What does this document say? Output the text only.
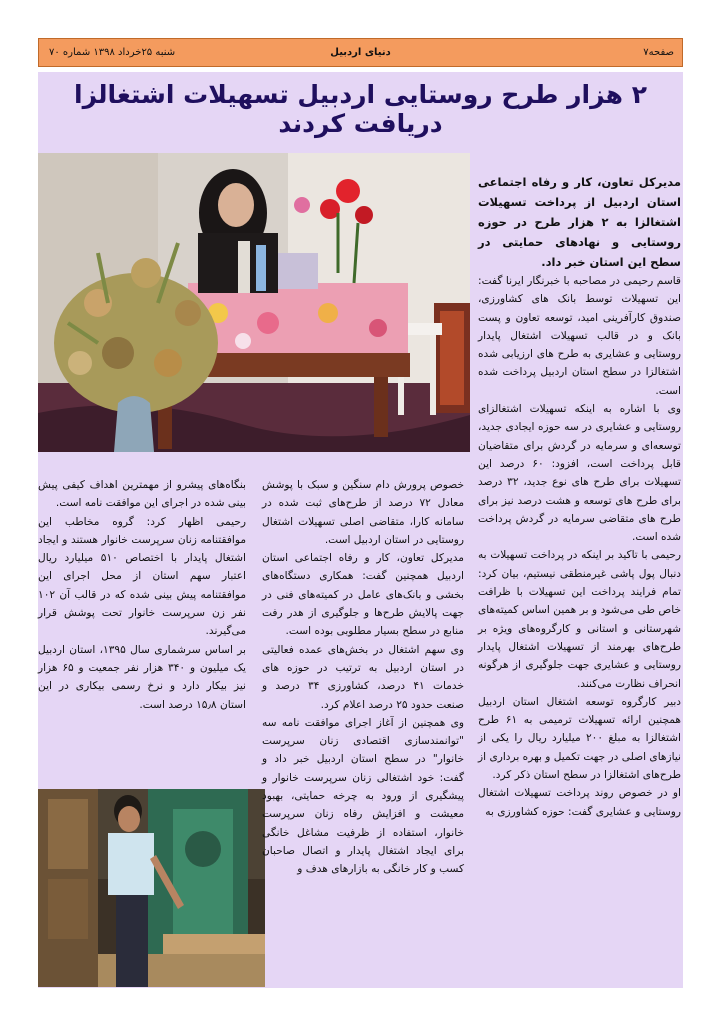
صفحه۷
دنیای اردبیل
شنبه ۲۵خرداد ۱۳۹۸ شماره ۷۰
۲ هزار طرح روستایی اردبیل تسهیلات اشتغالزا دریافت کردند

مدیرکل تعاون، کار و رفاه اجتماعی استان اردبیل از پرداخت تسهیلات اشتغالزا به ۲ هزار طرح در حوزه روستایی و نهادهای حمایتی در سطح این استان خبر داد.

قاسم رحیمی در مصاحبه با خبرنگار ایرنا گفت: این تسهیلات توسط بانک های کشاورزی، صندوق کارآفرینی امید، توسعه تعاون و پست بانک و در قالب تسهیلات اشتغال پایدار روستایی و عشایری به طرح های ارزیابی شده اشتغالزا در سطح استان اردبیل پرداخت شده است.

وی با اشاره به اینکه تسهیلات اشتغالزای روستایی و عشایری در سه حوزه ایجادی جدید، توسعه‌ای و سرمایه در گردش برای متقاضیان قابل پرداخت است، افزود: ۶۰ درصد این تسهیلات برای طرح های نوع جدید، ۳۲ درصد برای طرح های توسعه و هشت درصد نیز برای طرح های متقاضی سرمایه در گردش پرداخت شده است.

رحیمی با تاکید بر اینکه در پرداخت تسهیلات به دنبال پول پاشی غیرمنطقی نیستیم، بیان کرد: تمام فرایند پرداخت این تسهیلات با ظرافت خاص طی می‌شود و بر همین اساس کمیته‌های شهرستانی و استانی و کارگروه‌های ویژه بر طرح‌های بهرمند از تسهیلات اشتغال پایدار روستایی و عشایری جهت جلوگیری از هرگونه انحراف نظارت می‌کنند.

دبیر کارگروه توسعه اشتغال استان اردبیل همچنین ارائه تسهیلات ترمیمی به ۶۱ طرح اشتغالزا به مبلغ ۲۰۰ میلیارد ریال را یکی از نیازهای اصلی در جهت تکمیل و بهره برداری از طرح‌های اشتغالزا در سطح استان ذکر کرد.

او در خصوص روند پرداخت تسهیلات اشتغال روستایی و عشایری گفت: حوزه کشاورزی به

خصوص پرورش دام سنگین و سبک با پوشش معادل ۷۲ درصد از طرح‌های ثبت شده در سامانه کارا، متقاضی اصلی تسهیلات اشتغال روستایی در استان اردبیل است.

مدیرکل تعاون، کار و رفاه اجتماعی استان اردبیل همچنین گفت: همکاری دستگاه‌های بخشی و بانک‌های عامل در کمیته‌های فنی در جهت پالایش طرح‌ها و جلوگیری از هدر رفت منابع در سطح بسیار مطلوبی بوده است.

وی سهم اشتغال در بخش‌های عمده فعالیتی در استان اردبیل به ترتیب در حوزه های خدمات ۴۱ درصد، کشاورزی ۳۴ درصد و صنعت حدود ۲۵ درصد اعلام کرد.

وی همچنین از آغاز اجرای موافقت نامه سه "توانمندسازی اقتصادی زنان سرپرست خانوار" در سطح استان اردبیل خبر داد و گفت: خود اشتغالی زنان سرپرست خانوار و پیشگیری از ورود به چرخه حمایتی، بهبود معیشت و افزایش رفاه زنان سرپرست خانوار، استفاده از ظرفیت مشاغل خانگی برای ایجاد اشتغال پایدار و اتصال صاحبان کسب و کار خانگی به بازارهای هدف و

بنگاه‌های پیشرو از مهمترین اهداف کیفی پیش بینی شده در اجرای این موافقت نامه است.

رحیمی اظهار کرد: گروه مخاطب این موافقتنامه زنان سرپرست خانوار هستند و ایجاد اشتغال پایدار با اختصاص ۵۱۰ میلیارد ریال اعتبار سهم استان از محل اجرای این موافقتنامه پیش بینی شده که در قالب آن ۱۰۲ نفر زن سرپرست خانوار تحت پوشش قرار می‌گیرند.

بر اساس سرشماری سال ۱۳۹۵، استان اردبیل یک میلیون و ۳۴۰ هزار نفر جمعیت و ۶۵ هزار نیز بیکار دارد و نرخ رسمی بیکاری در این استان ۱۵٫۸ درصد است.
